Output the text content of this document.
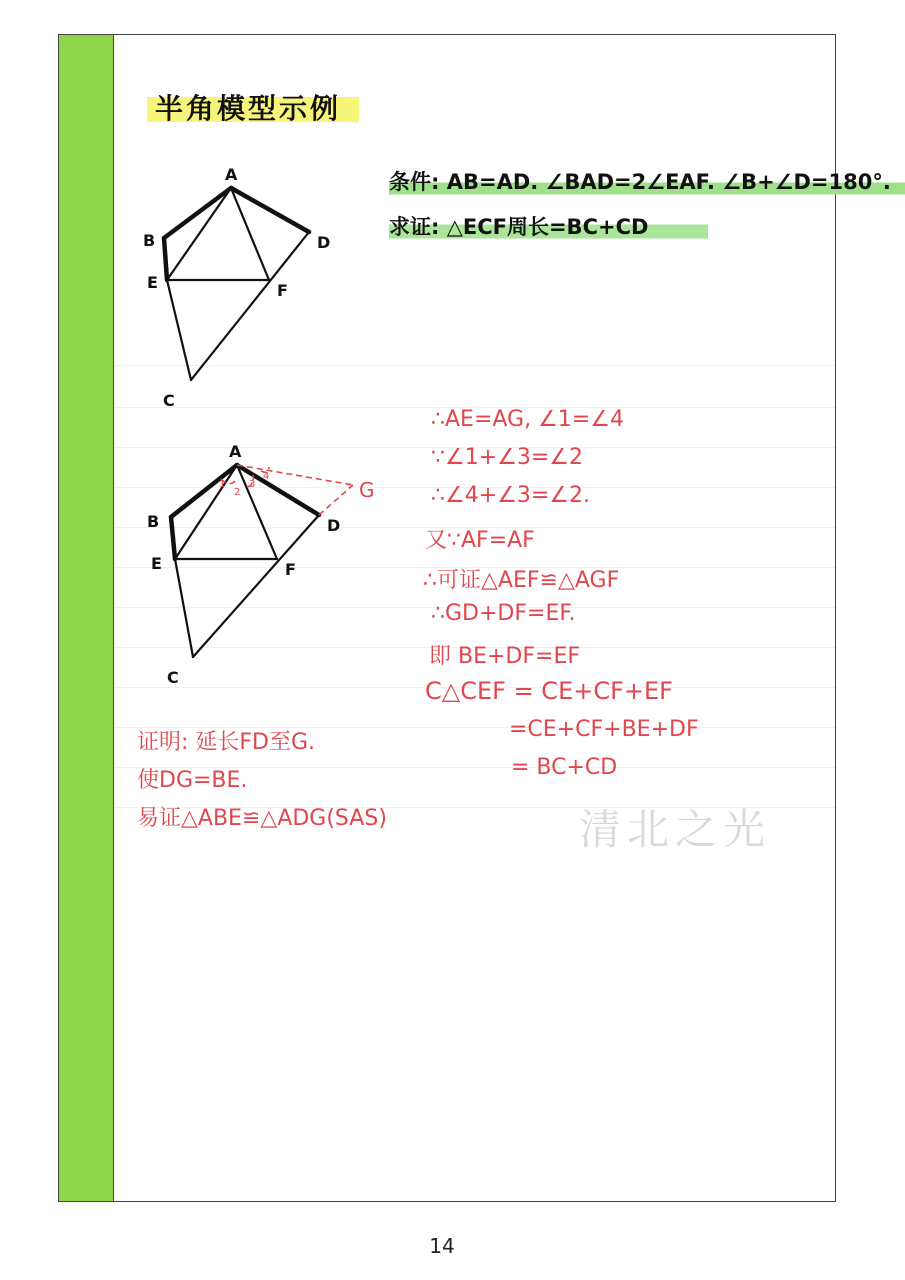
半角模型示例
条件: AB=AD. ∠BAD=2∠EAF. ∠B+∠D=180°.
求证: △ECF周长=BC+CD
A
B	D
E	F
C
A
B	D
E	F
C
G
1
2
3
4
∴AE=AG, ∠1=∠4
∵∠1+∠3=∠2
∴∠4+∠3=∠2.
又∵AF=AF
∴可证△AEF≌△AGF
∴GD+DF=EF.
即 BE+DF=EF
C△CEF = CE+CF+EF
=CE+CF+BE+DF
= BC+CD
证明: 延长FD至G.
使DG=BE.
易证△ABE≌△ADG(SAS)	清北之光
14
